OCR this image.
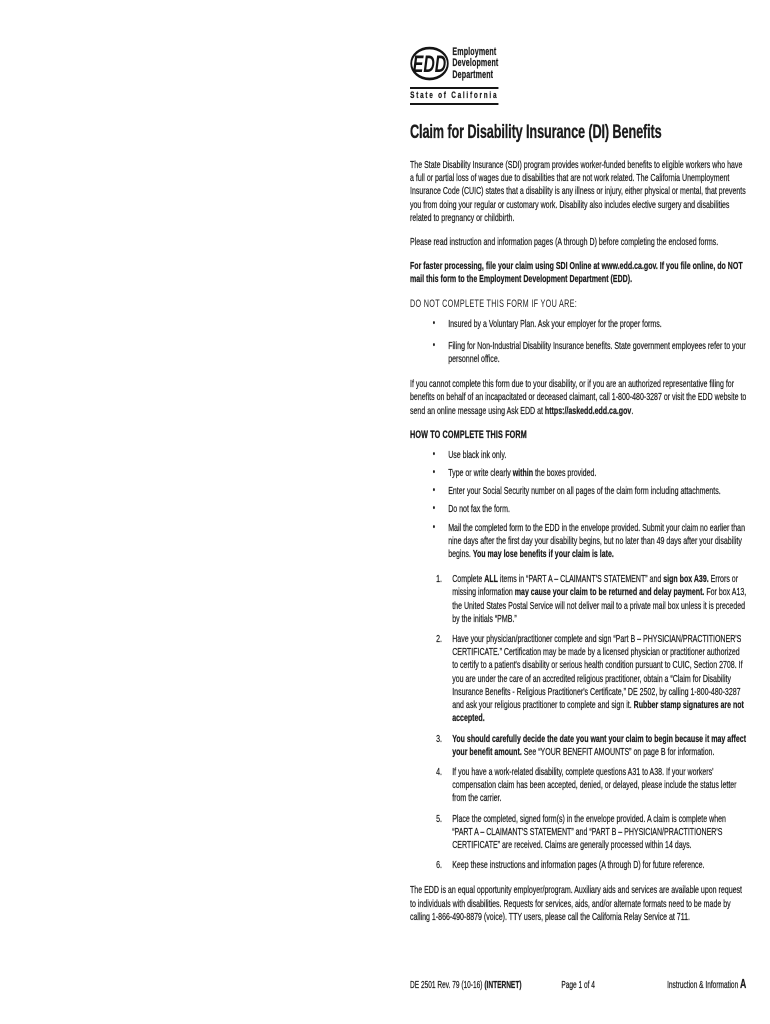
EDD
Employment
Development
Department
State of California
Claim for Disability Insurance (DI) Benefits

The State Disability Insurance (SDI) program provides worker-funded benefits to eligible workers who have a full or partial loss of wages due to disabilities that are not work related. The California Unemployment Insurance Code (CUIC) states that a disability is any illness or injury, either physical or mental, that prevents you from doing your regular or customary work. Disability also includes elective surgery and disabilities related to pregnancy or childbirth.

Please read instruction and information pages (A through D) before completing the enclosed forms.

For faster processing, file your claim using SDI Online at www.edd.ca.gov. If you file online, do NOT mail this form to the Employment Development Department (EDD).

DO NOT COMPLETE THIS FORM IF YOU ARE:
Insured by a Voluntary Plan. Ask your employer for the proper forms.
Filing for Non-Industrial Disability Insurance benefits. State government employees refer to your personnel office.

If you cannot complete this form due to your disability, or if you are an authorized representative filing for benefits on behalf of an incapacitated or deceased claimant, call 1-800-480-3287 or visit the EDD website to send an online message using Ask EDD at https://askedd.edd.ca.gov.

HOW TO COMPLETE THIS FORM
Use black ink only.
Type or write clearly within the boxes provided.
Enter your Social Security number on all pages of the claim form including attachments.
Do not fax the form.
Mail the completed form to the EDD in the envelope provided. Submit your claim no earlier than nine days after the first day your disability begins, but no later than 49 days after your disability begins. You may lose benefits if your claim is late.
1. Complete ALL items in “PART A – CLAIMANT'S STATEMENT” and sign box A39. Errors or missing information may cause your claim to be returned and delay payment. For box A13, the United States Postal Service will not deliver mail to a private mail box unless it is preceded by the initials “PMB.”
2. Have your physician/practitioner complete and sign “Part B – PHYSICIAN/PRACTITIONER'S CERTIFICATE.” Certification may be made by a licensed physician or practitioner authorized to certify to a patient's disability or serious health condition pursuant to CUIC, Section 2708. If you are under the care of an accredited religious practitioner, obtain a “Claim for Disability Insurance Benefits - Religious Practitioner's Certificate,” DE 2502, by calling 1-800-480-3287 and ask your religious practitioner to complete and sign it. Rubber stamp signatures are not accepted.
3. You should carefully decide the date you want your claim to begin because it may affect your benefit amount. See “YOUR BENEFIT AMOUNTS” on page B for information.
4. If you have a work-related disability, complete questions A31 to A38. If your workers' compensation claim has been accepted, denied, or delayed, please include the status letter from the carrier.
5. Place the completed, signed form(s) in the envelope provided. A claim is complete when “PART A – CLAIMANT'S STATEMENT” and “PART B – PHYSICIAN/PRACTITIONER'S CERTIFICATE” are received. Claims are generally processed within 14 days.
6. Keep these instructions and information pages (A through D) for future reference.

The EDD is an equal opportunity employer/program. Auxiliary aids and services are available upon request to individuals with disabilities. Requests for services, aids, and/or alternate formats need to be made by calling 1-866-490-8879 (voice). TTY users, please call the California Relay Service at 711.

DE 2501 Rev. 79 (10-16) (INTERNET)	Page 1 of 4	Instruction & Information A
